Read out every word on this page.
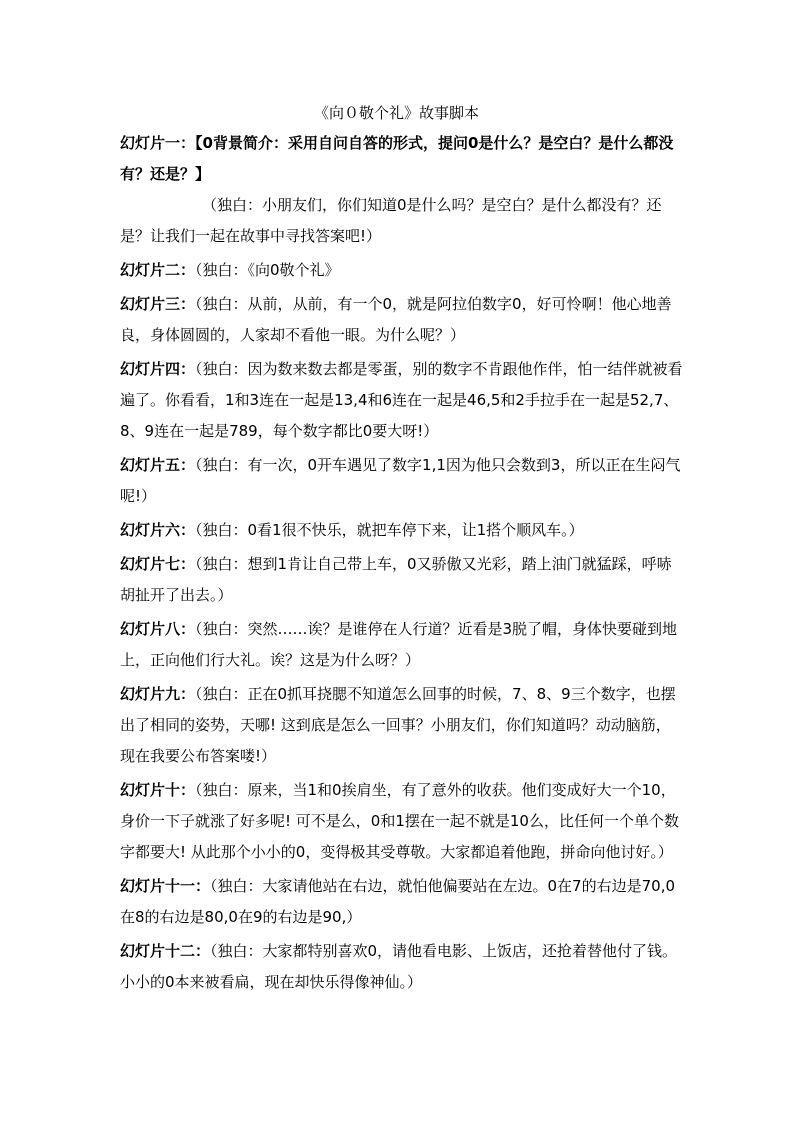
《向０敬个礼》故事脚本

幻灯片一：【0背景简介：采用自问自答的形式，提问0是什么？是空白？是什么都没有？还是？】

（独白：小朋友们，你们知道0是什么吗？是空白？是什么都没有？还是？让我们一起在故事中寻找答案吧!）

幻灯片二：（独白：《向0敬个礼》

幻灯片三：（独白：从前，从前，有一个0，就是阿拉伯数字0，好可怜啊！他心地善良，身体圆圆的，人家却不看他一眼。为什么呢？）

幻灯片四：（独白：因为数来数去都是零蛋，别的数字不肯跟他作伴，怕一结伴就被看遍了。你看看，1和3连在一起是13,4和6连在一起是46,5和2手拉手在一起是52,7、8、9连在一起是789，每个数字都比0要大呀!）

幻灯片五：（独白：有一次，0开车遇见了数字1,1因为他只会数到3，所以正在生闷气呢!）

幻灯片六：（独白：0看1很不快乐，就把车停下来，让1搭个顺风车。）

幻灯片七：（独白：想到1肯让自己带上车，0又骄傲又光彩，踏上油门就猛踩，呼哧胡扯开了出去。）

幻灯片八：（独白：突然……诶？是谁停在人行道？近看是3脱了帽，身体快要碰到地上，正向他们行大礼。诶？这是为什么呀？）

幻灯片九：（独白：正在0抓耳挠腮不知道怎么回事的时候，7、8、9三个数字，也摆出了相同的姿势，天哪! 这到底是怎么一回事？小朋友们，你们知道吗？动动脑筋，现在我要公布答案喽!）

幻灯片十：（独白：原来，当1和0挨肩坐，有了意外的收获。他们变成好大一个10，身价一下子就涨了好多呢! 可不是么，0和1摆在一起不就是10么，比任何一个单个数字都要大! 从此那个小小的0，变得极其受尊敬。大家都追着他跑，拼命向他讨好。）

幻灯片十一：（独白：大家请他站在右边，就怕他偏要站在左边。0在7的右边是70,0在8的右边是80,0在9的右边是90,）

幻灯片十二：（独白：大家都特别喜欢0，请他看电影、上饭店，还抢着替他付了钱。小小的0本来被看扁，现在却快乐得像神仙。）
